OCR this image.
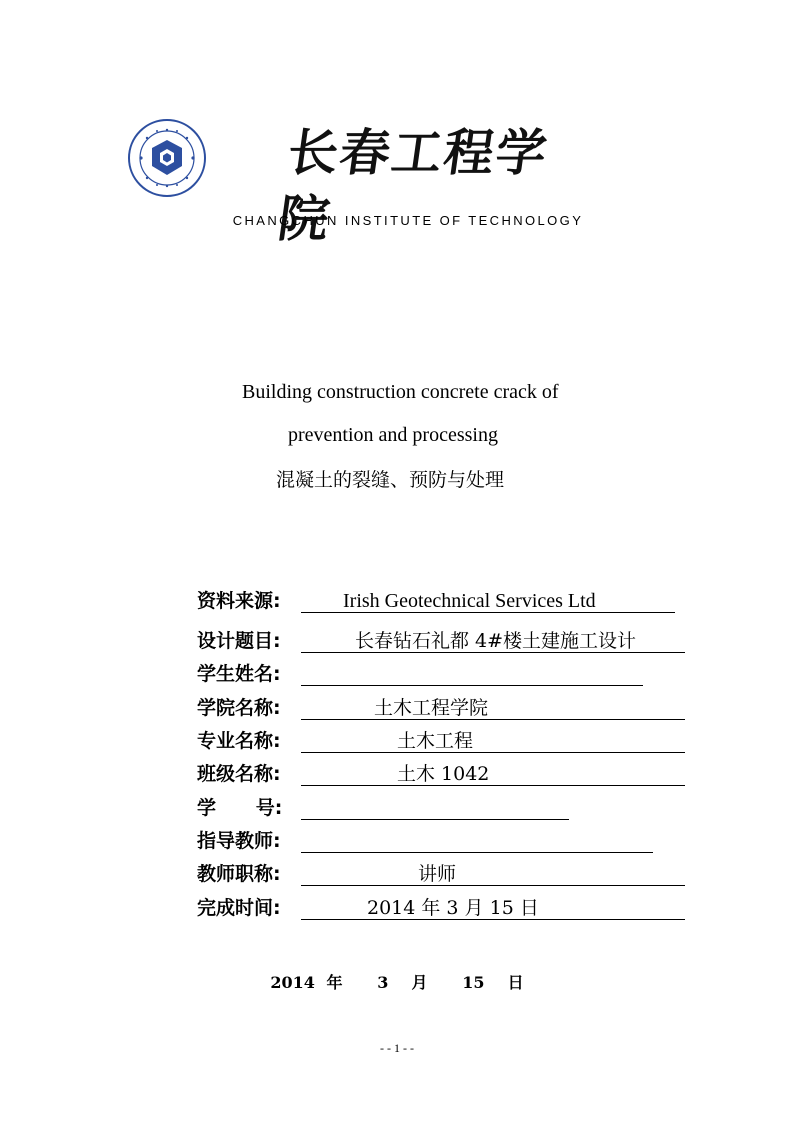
长春工程学院
CHANGCHUN INSTITUTE OF TECHNOLOGY
Building construction concrete crack of
prevention and processing
混凝土的裂缝、预防与处理
资料来源:	Irish Geotechnical Services Ltd
设计题目:	长春钻石礼都 4#楼土建施工设计
学生姓名:
学院名称:	土木工程学院
专业名称:	土木工程
班级名称:	土木 1042
学      号:
指导教师:
教师职称:	讲师
完成时间:	2014 年 3 月 15 日
2014 年   3  月   15  日
- - 1 - -
